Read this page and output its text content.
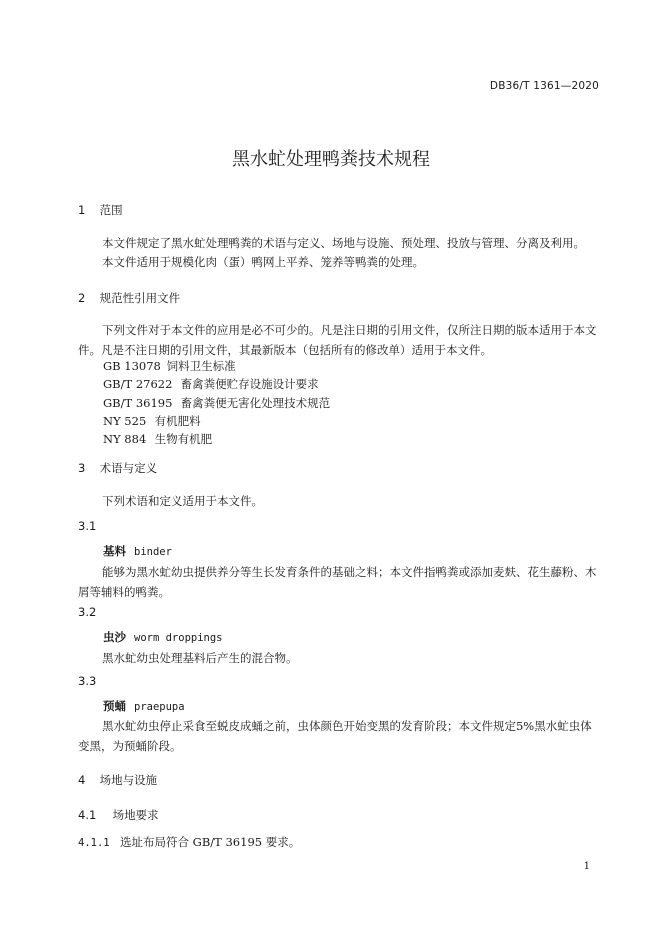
DB36/T 1361—2020
黑水虻处理鸭粪技术规程
1 范围
本文件规定了黑水虻处理鸭粪的术语与定义、场地与设施、预处理、投放与管理、分离及利用。
本文件适用于规模化肉（蛋）鸭网上平养、笼养等鸭粪的处理。
2 规范性引用文件
下列文件对于本文件的应用是必不可少的。凡是注日期的引用文件，仅所注日期的版本适用于本文件。凡是不注日期的引用文件，其最新版本（包括所有的修改单）适用于本文件。
GB 13078 饲料卫生标准
GB/T 27622 畜禽粪便贮存设施设计要求
GB/T 36195 畜禽粪便无害化处理技术规范
NY 525 有机肥料
NY 884 生物有机肥
3 术语与定义
下列术语和定义适用于本文件。
3.1
基料 binder
能够为黑水虻幼虫提供养分等生长发育条件的基础之料；本文件指鸭粪或添加麦麸、花生藤粉、木屑等辅料的鸭粪。
3.2
虫沙 worm droppings
黑水虻幼虫处理基料后产生的混合物。
3.3
预蛹 praepupa
黑水虻幼虫停止采食至蜕皮成蛹之前，虫体颜色开始变黑的发育阶段；本文件规定5%黑水虻虫体变黑，为预蛹阶段。
4 场地与设施
4.1 场地要求
4.1.1 选址布局符合 GB/T 36195 要求。
1
